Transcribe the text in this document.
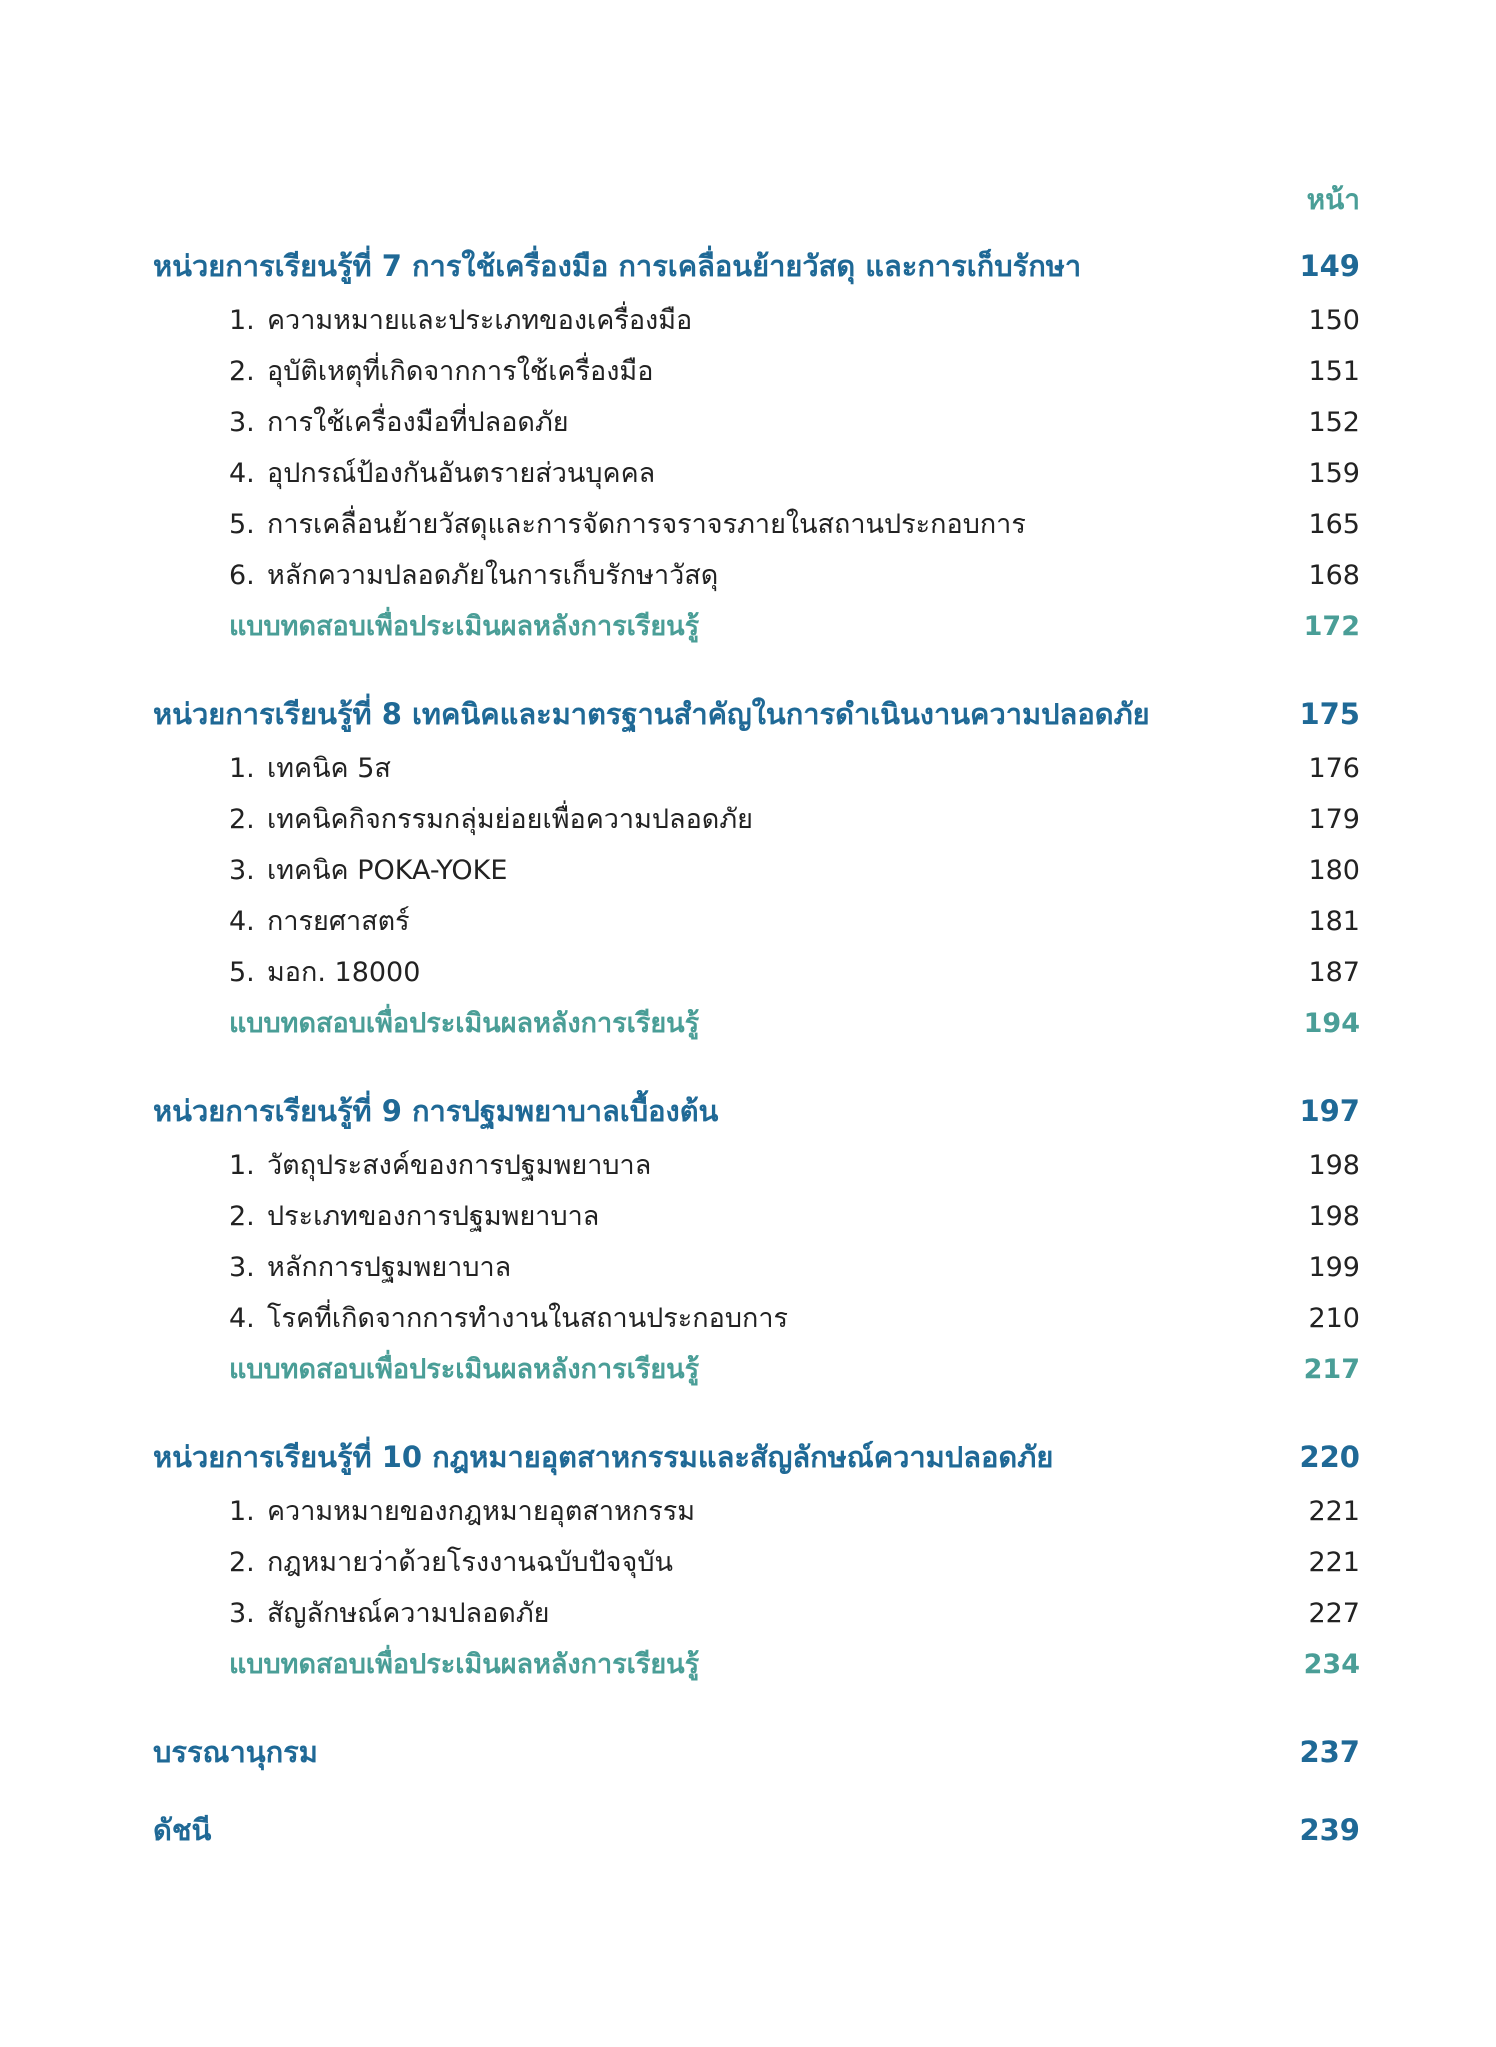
หน้า
หน่วยการเรียนรู้ที่ 7 การใช้เครื่องมือ การเคลื่อนย้ายวัสดุ และการเก็บรักษา	149
1. ความหมายและประเภทของเครื่องมือ	150
2. อุบัติเหตุที่เกิดจากการใช้เครื่องมือ	151
3. การใช้เครื่องมือที่ปลอดภัย	152
4. อุปกรณ์ป้องกันอันตรายส่วนบุคคล	159
5. การเคลื่อนย้ายวัสดุและการจัดการจราจรภายในสถานประกอบการ	165
6. หลักความปลอดภัยในการเก็บรักษาวัสดุ	168
แบบทดสอบเพื่อประเมินผลหลังการเรียนรู้	172
หน่วยการเรียนรู้ที่ 8 เทคนิคและมาตรฐานสำคัญในการดำเนินงานความปลอดภัย	175
1. เทคนิค 5ส	176
2. เทคนิคกิจกรรมกลุ่มย่อยเพื่อความปลอดภัย	179
3. เทคนิค POKA-YOKE	180
4. การยศาสตร์	181
5. มอก. 18000	187
แบบทดสอบเพื่อประเมินผลหลังการเรียนรู้	194
หน่วยการเรียนรู้ที่ 9 การปฐมพยาบาลเบื้องต้น	197
1. วัตถุประสงค์ของการปฐมพยาบาล	198
2. ประเภทของการปฐมพยาบาล	198
3. หลักการปฐมพยาบาล	199
4. โรคที่เกิดจากการทำงานในสถานประกอบการ	210
แบบทดสอบเพื่อประเมินผลหลังการเรียนรู้	217
หน่วยการเรียนรู้ที่ 10 กฎหมายอุตสาหกรรมและสัญลักษณ์ความปลอดภัย	220
1. ความหมายของกฎหมายอุตสาหกรรม	221
2. กฎหมายว่าด้วยโรงงานฉบับปัจจุบัน	221
3. สัญลักษณ์ความปลอดภัย	227
แบบทดสอบเพื่อประเมินผลหลังการเรียนรู้	234
บรรณานุกรม	237
ดัชนี	239
